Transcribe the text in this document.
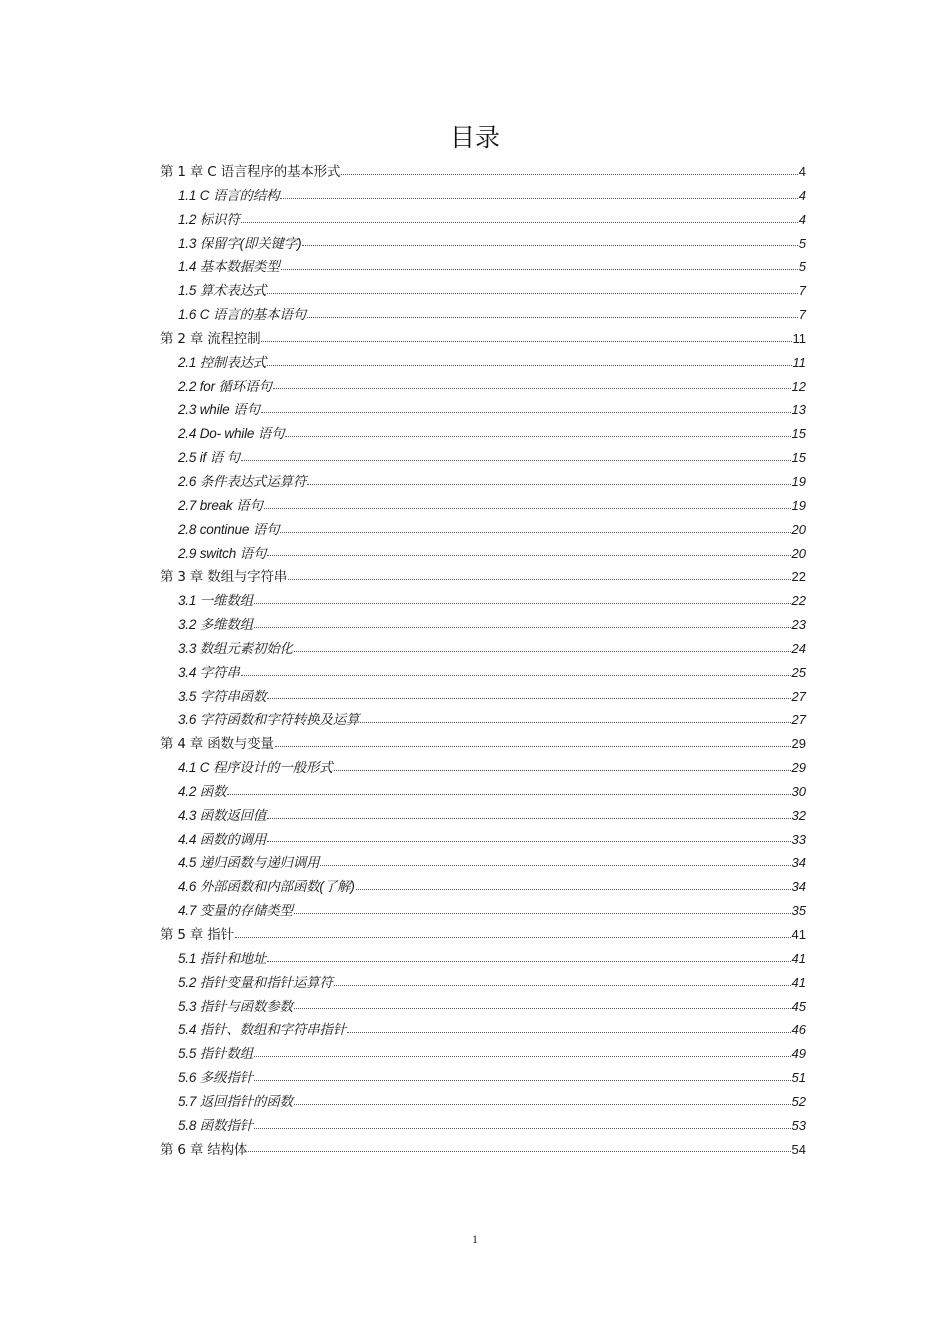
目录
第 1 章 C 语言程序的基本形式	4
1.1 C 语言的结构	4
1.2 标识符	4
1.3 保留字(即关键字)	5
1.4 基本数据类型	5
1.5 算术表达式	7
1.6 C 语言的基本语句	7
第 2 章 流程控制	11
2.1 控制表达式	11
2.2 for 循环语句	12
2.3 while 语句	13
2.4 Do- while 语句	15
2.5 if 语 句	15
2.6 条件表达式运算符	19
2.7 break 语句	19
2.8 continue 语句	20
2.9 switch 语句	20
第 3 章 数组与字符串	22
3.1 一维数组	22
3.2 多维数组	23
3.3 数组元素初始化	24
3.4 字符串	25
3.5 字符串函数	27
3.6 字符函数和字符转换及运算	27
第 4 章 函数与变量	29
4.1 C 程序设计的一般形式	29
4.2 函数	30
4.3 函数返回值	32
4.4 函数的调用	33
4.5 递归函数与递归调用	34
4.6 外部函数和内部函数(了解)	34
4.7 变量的存储类型	35
第 5 章 指针	41
5.1 指针和地址	41
5.2 指针变量和指针运算符	41
5.3 指针与函数参数	45
5.4 指针、数组和字符串指针	46
5.5 指针数组	49
5.6 多级指针	51
5.7 返回指针的函数	52
5.8 函数指针	53
第 6 章 结构体	54
1
